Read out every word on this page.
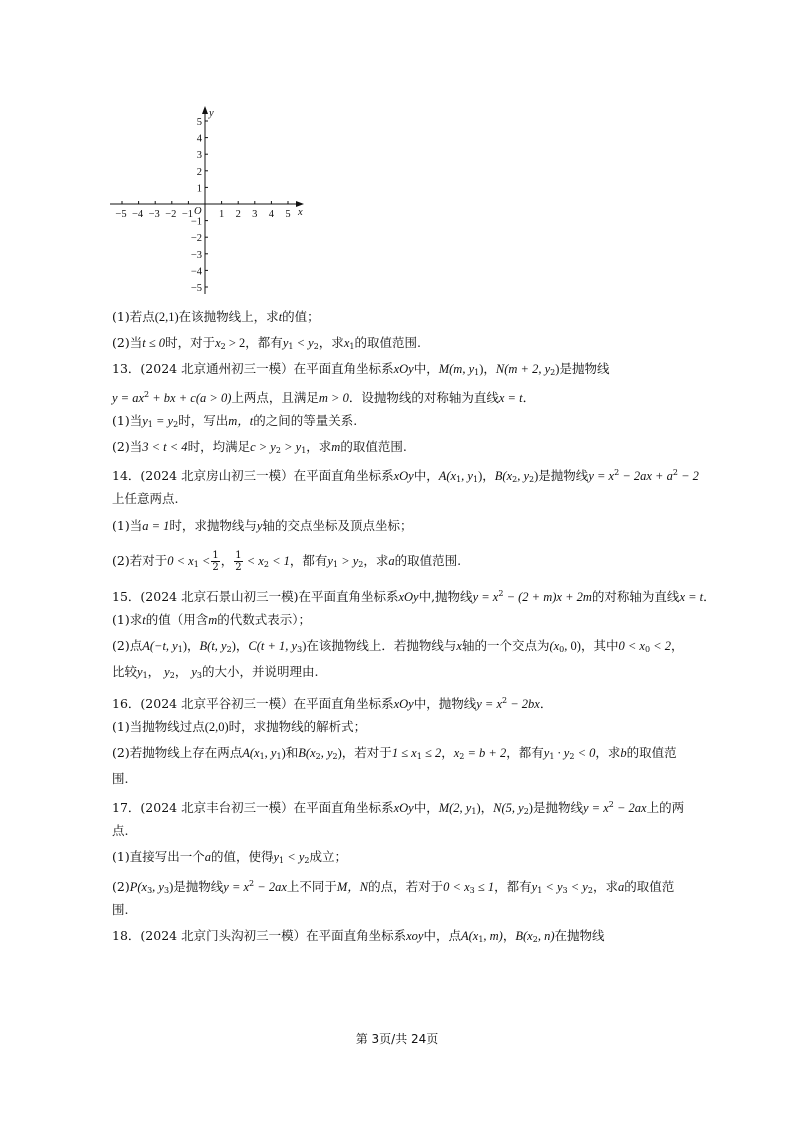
1 2 3 4 5
−5 −4 −3 −2 −1
1
2
3
4
5
−1
−2
−3
−4
−5
x
y
O
(1)若点(2,1)在该抛物线上，求t的值；
(2)当t ≤ 0时，对于$x_2 > 2$，都有$y_1 < y_2$，求$x_1$的取值范围.
13．(2024 北京通州初三一模）在平面直角坐标系xOy中，M(m, $y_1$)，N(m + 2, $y_2$)是抛物线
$y = ax^2$ + bx + c(a > 0)上两点，且满足m > 0．设抛物线的对称轴为直线x = t．
(1)当$y_1 = y_2$时，写出m，t的之间的等量关系.
(2)当3 < t < 4时，均满足$c > y_2 > y_1$，求m的取值范围.
14．(2024 北京房山初三一模）在平面直角坐标系xOy中，$A(x_1$, $y_1$)，$B(x_2$, $y_2$)是抛物线$y = x^2 - 2ax + a^2 - 2$
上任意两点.
(1)当a = 1时，求抛物线与y轴的交点坐标及顶点坐标；
(2)若对于$0 < x_1 < \frac{1}{2}$ ， $\frac{1}{2} < x_2 < 1$，都有$y_1 > y_2$，求a的取值范围.
15．(2024 北京石景山初三一模)在平面直角坐标系xOy中,抛物线$y = x^2 - (2 + m)x + 2m$的对称轴为直线x = t．
(1)求t的值（用含m的代数式表示）；
(2)点A(−t, $y_1$)，B(t, $y_2$)，C(t + 1, $y_3$)在该抛物线上．若抛物线与x轴的一个交点为($x_0$, 0)，其中$0 < x_0 < 2$，
比较$y_1$， $y_2$， $y_3$的大小，并说明理由.
16．(2024 北京平谷初三一模）在平面直角坐标系xOy中，抛物线$y = x^2 - 2bx$．
(1)当抛物线过点(2,0)时，求抛物线的解析式；
(2)若抛物线上存在两点$A(x_1$, $y_1$)和$B(x_2$, $y_2$)，若对于$1 \le x_1 \le 2$，$x_2 = b + 2$，都有$y_1 \cdot y_2 < 0$，求b的取值范
围.
17．(2024 北京丰台初三一模）在平面直角坐标系xOy中，M(2, $y_1$)，N(5, $y_2$)是抛物线$y = x^2 - 2ax$上的两
点.
(1)直接写出一个a的值，使得$y_1 < y_2$成立；
$(2)P(x_3$, $y_3$)是抛物线$y = x^2 - 2ax$上不同于M，N的点，若对于$0 < x_3 \le 1$，都有$y_1 < y_3 < y_2$，求a的取值范
围.
18．(2024 北京门头沟初三一模）在平面直角坐标系xoy中，点$A(x_1$, m)，$B(x_2$, n)在抛物线
第 3页/共 24页
